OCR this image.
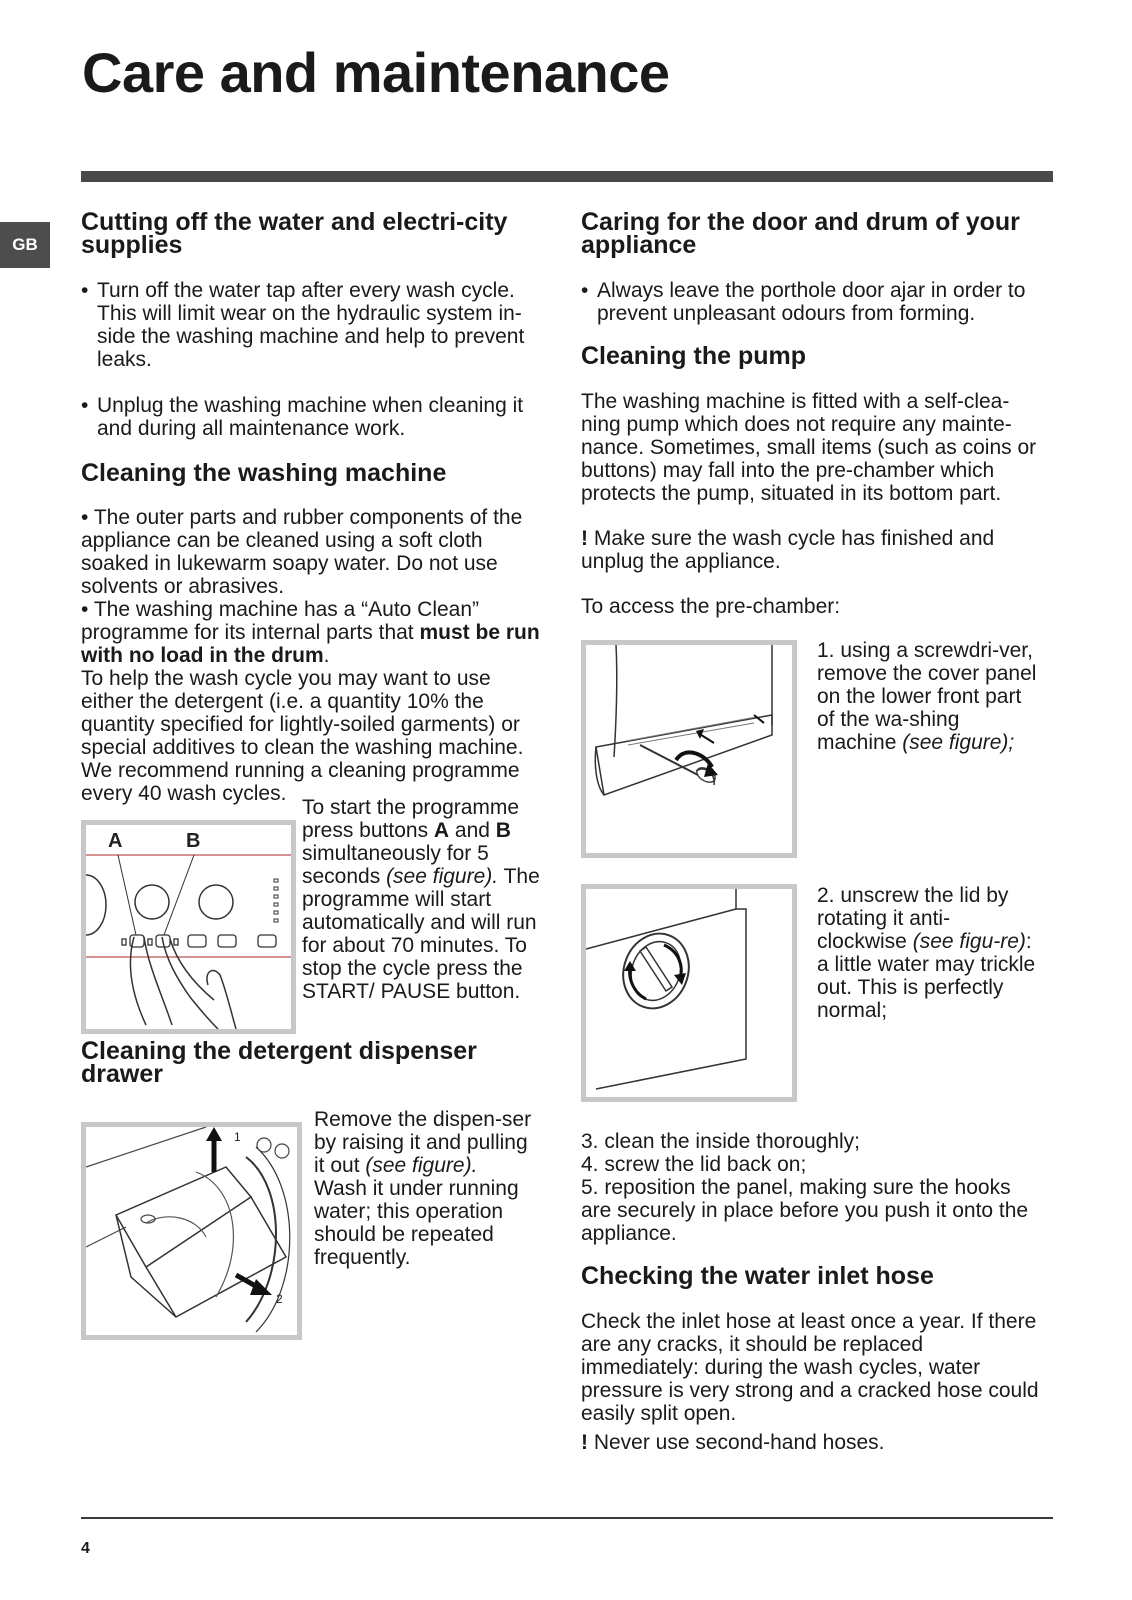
Care and maintenance
GB
Cutting off the water and electri-city supplies
• Turn off the water tap after every wash cycle. This will limit wear on the hydraulic system in-side the washing machine and help to prevent leaks.
• Unplug the washing machine when cleaning it and during all maintenance work.
Cleaning the washing machine

• The outer parts and rubber components of the appliance can be cleaned using a soft cloth soaked in lukewarm soapy water. Do not use solvents or abrasives.

• The washing machine has a “Auto Clean” programme for its internal parts that must be run with no load in the drum.

To help the wash cycle you may want to use either the detergent (i.e. a quantity 10% the quantity specified for lightly-soiled garments) or special additives to clean the washing machine. We recommend running a cleaning programme every 40 wash cycles.

A	B

To start the programme press buttons A and B simultaneously for 5 seconds (see figure). The programme will start automatically and will run for about 70 minutes. To stop the cycle press the START/ PAUSE button.

Cleaning the detergent dispenser drawer
1
2

Remove the dispen-ser by raising it and pulling it out (see figure).

Wash it under running water; this operation should be repeated frequently.

Caring for the door and drum of your appliance
• Always leave the porthole door ajar in order to prevent unpleasant odours from forming.
Cleaning the pump

The washing machine is fitted with a self-clea-ning pump which does not require any mainte-nance. Sometimes, small items (such as coins or buttons) may fall into the pre-chamber which protects the pump, situated in its bottom part.

! Make sure the wash cycle has finished and unplug the appliance.

To access the pre-chamber:

1. using a screwdri-ver, remove the cover panel on the lower front part of the wa-shing machine (see figure);

2. unscrew the lid by rotating it anti-clockwise (see figu-re): a little water may trickle out. This is perfectly normal;

3. clean the inside thoroughly;

4. screw the lid back on;

5. reposition the panel, making sure the hooks are securely in place before you push it onto the appliance.

Checking the water inlet hose

Check the inlet hose at least once a year. If there are any cracks, it should be replaced immediately: during the wash cycles, water pressure is very strong and a cracked hose could easily split open.

! Never use second-hand hoses.

4
